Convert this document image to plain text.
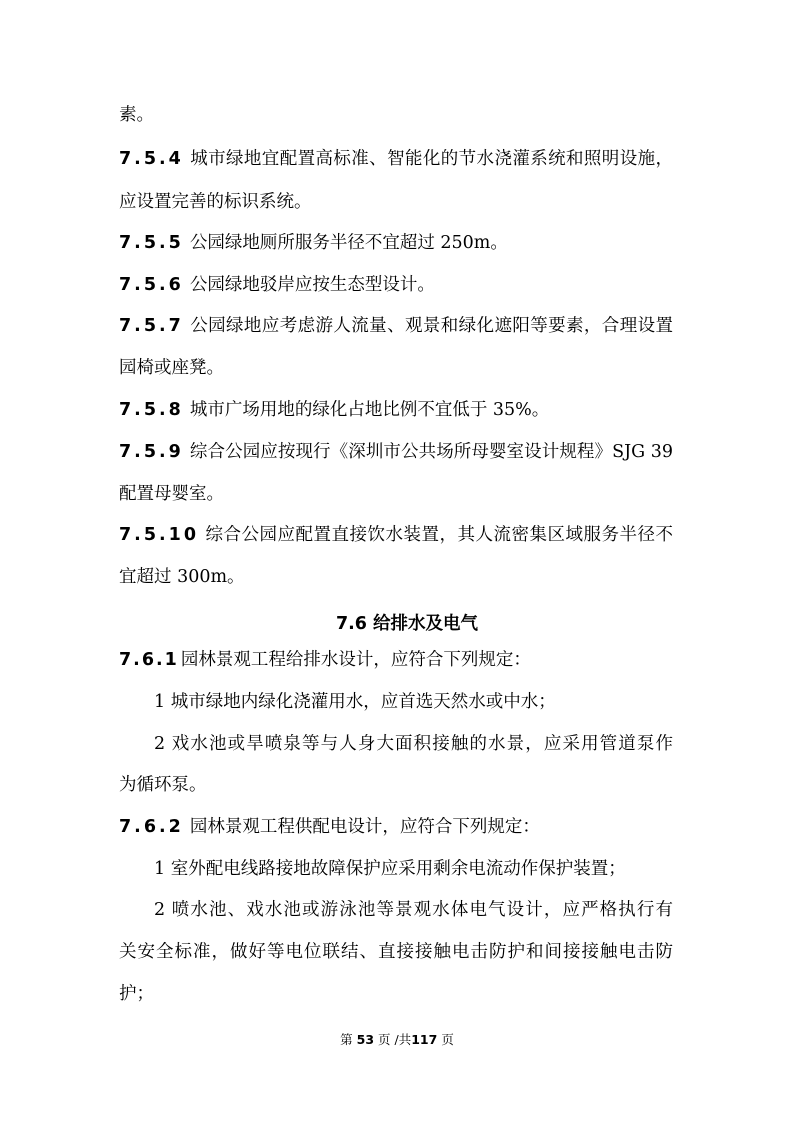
素。
7.5.4 城市绿地宜配置高标准、智能化的节水浇灌系统和照明设施，
应设置完善的标识系统。
7.5.5 公园绿地厕所服务半径不宜超过 250m。
7.5.6 公园绿地驳岸应按生态型设计。
7.5.7 公园绿地应考虑游人流量、观景和绿化遮阳等要素，合理设置
园椅或座凳。
7.5.8 城市广场用地的绿化占地比例不宜低于 35%。
7.5.9 综合公园应按现行《深圳市公共场所母婴室设计规程》SJG 39
配置母婴室。
7.5.10 综合公园应配置直接饮水装置，其人流密集区域服务半径不
宜超过 300m。
7.6 给排水及电气
7.6.1 园林景观工程给排水设计，应符合下列规定：
1 城市绿地内绿化浇灌用水，应首选天然水或中水；
2 戏水池或旱喷泉等与人身大面积接触的水景，应采用管道泵作
为循环泵。
7.6.2 园林景观工程供配电设计，应符合下列规定：
1 室外配电线路接地故障保护应采用剩余电流动作保护装置；
2 喷水池、戏水池或游泳池等景观水体电气设计，应严格执行有
关安全标准，做好等电位联结、直接接触电击防护和间接接触电击防
护；
第 53 页 /共117 页
